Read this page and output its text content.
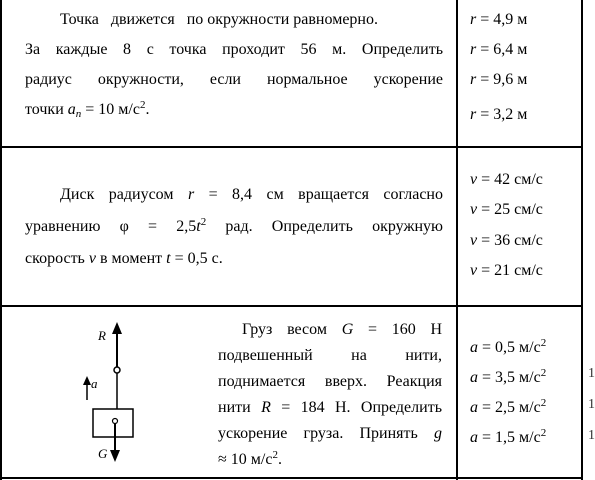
Точка   движется   по окружности равномерно.
За каждые 8 с точка проходит 56 м. Определить
радиус окружности, если нормальное ускорение
точки $a_n = 10$ $м/с^2$.
r = 4,9 м
r = 6,4 м
r = 9,6 м
r = 3,2 м
Диск радиусом r = 8,4 см вращается согласно
уравнению $\varphi = 2,5t^2$ рад. Определить окружную
скорость v в момент t = 0,5 с.
v = 42 см/с
v = 25 см/с
v = 36 см/с
v = 21 см/с
R
a
G
Груз весом G = 160 Н
подвешенный на нити,
поднимается вверх. Реакция
нити R = 184 Н. Определить
ускорение груза. Принять g
≈ 10 $м/с^2$.
a = 0,5 $м/с^2$
a = 3,5 $м/с^2$
a = 2,5 $м/с^2$
a = 1,5 $м/с^2$
1
1
1
